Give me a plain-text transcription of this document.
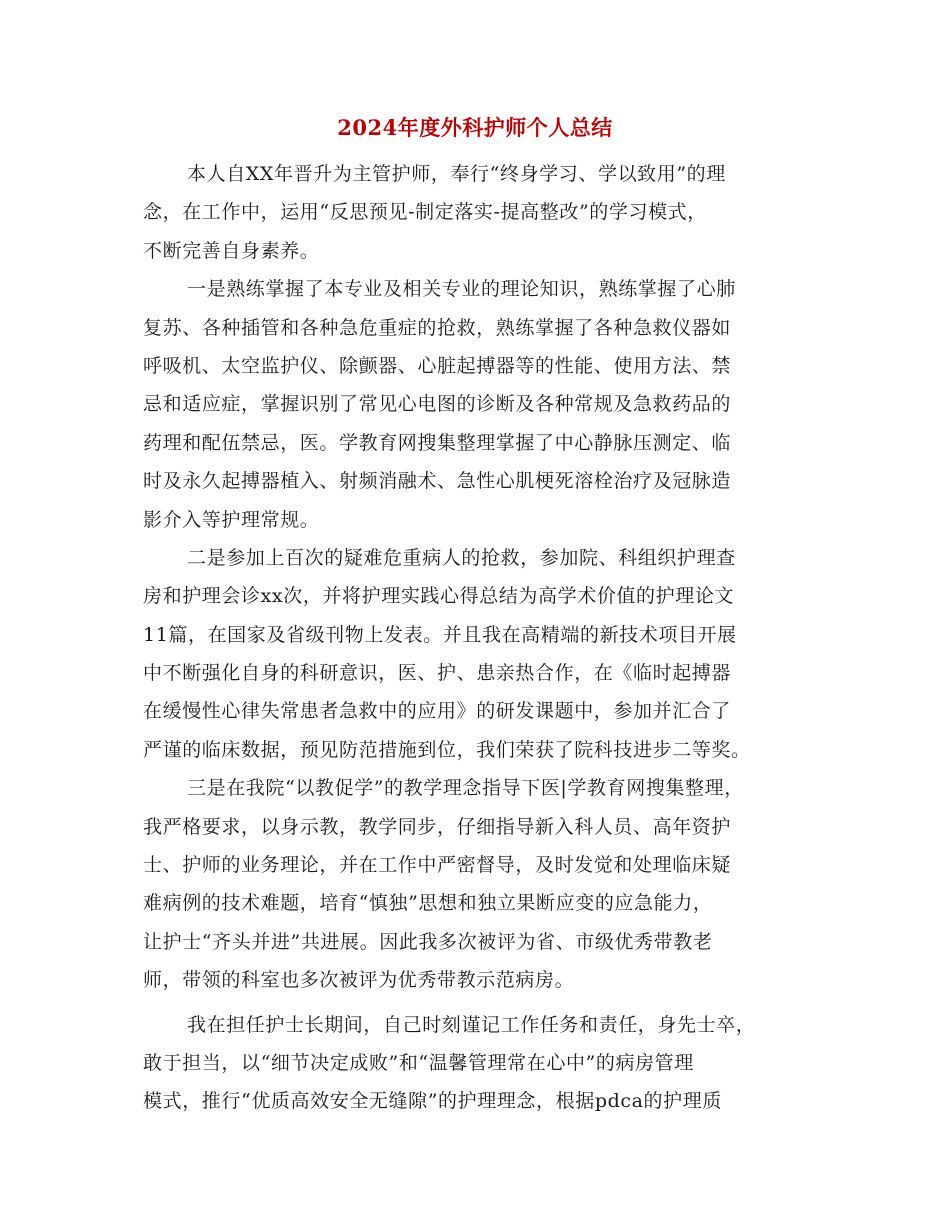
2024年度外科护师个人总结
本人自XX年晋升为主管护师，奉行“终身学习、学以致用”的理
念，在工作中，运用“反思预见-制定落实-提高整改”的学习模式，
不断完善自身素养。
一是熟练掌握了本专业及相关专业的理论知识，熟练掌握了心肺
复苏、各种插管和各种急危重症的抢救，熟练掌握了各种急救仪器如
呼吸机、太空监护仪、除颤器、心脏起搏器等的性能、使用方法、禁
忌和适应症，掌握识别了常见心电图的诊断及各种常规及急救药品的
药理和配伍禁忌，医。学教育网搜集整理掌握了中心静脉压测定、临
时及永久起搏器植入、射频消融术、急性心肌梗死溶栓治疗及冠脉造
影介入等护理常规。
二是参加上百次的疑难危重病人的抢救，参加院、科组织护理查
房和护理会诊xx次，并将护理实践心得总结为高学术价值的护理论文
11篇，在国家及省级刊物上发表。并且我在高精端的新技术项目开展
中不断强化自身的科研意识，医、护、患亲热合作，在《临时起搏器
在缓慢性心律失常患者急救中的应用》的研发课题中，参加并汇合了
严谨的临床数据，预见防范措施到位，我们荣获了院科技进步二等奖。
三是在我院“以教促学”的教学理念指导下医|学教育网搜集整理，
我严格要求，以身示教，教学同步，仔细指导新入科人员、高年资护
士、护师的业务理论，并在工作中严密督导，及时发觉和处理临床疑
难病例的技术难题，培育“慎独”思想和独立果断应变的应急能力，
让护士“齐头并进”共进展。因此我多次被评为省、市级优秀带教老
师，带领的科室也多次被评为优秀带教示范病房。
我在担任护士长期间，自己时刻谨记工作任务和责任，身先士卒，
敢于担当，以“细节决定成败”和“温馨管理常在心中”的病房管理
模式，推行“优质高效安全无缝隙”的护理理念，根据pdca的护理质
